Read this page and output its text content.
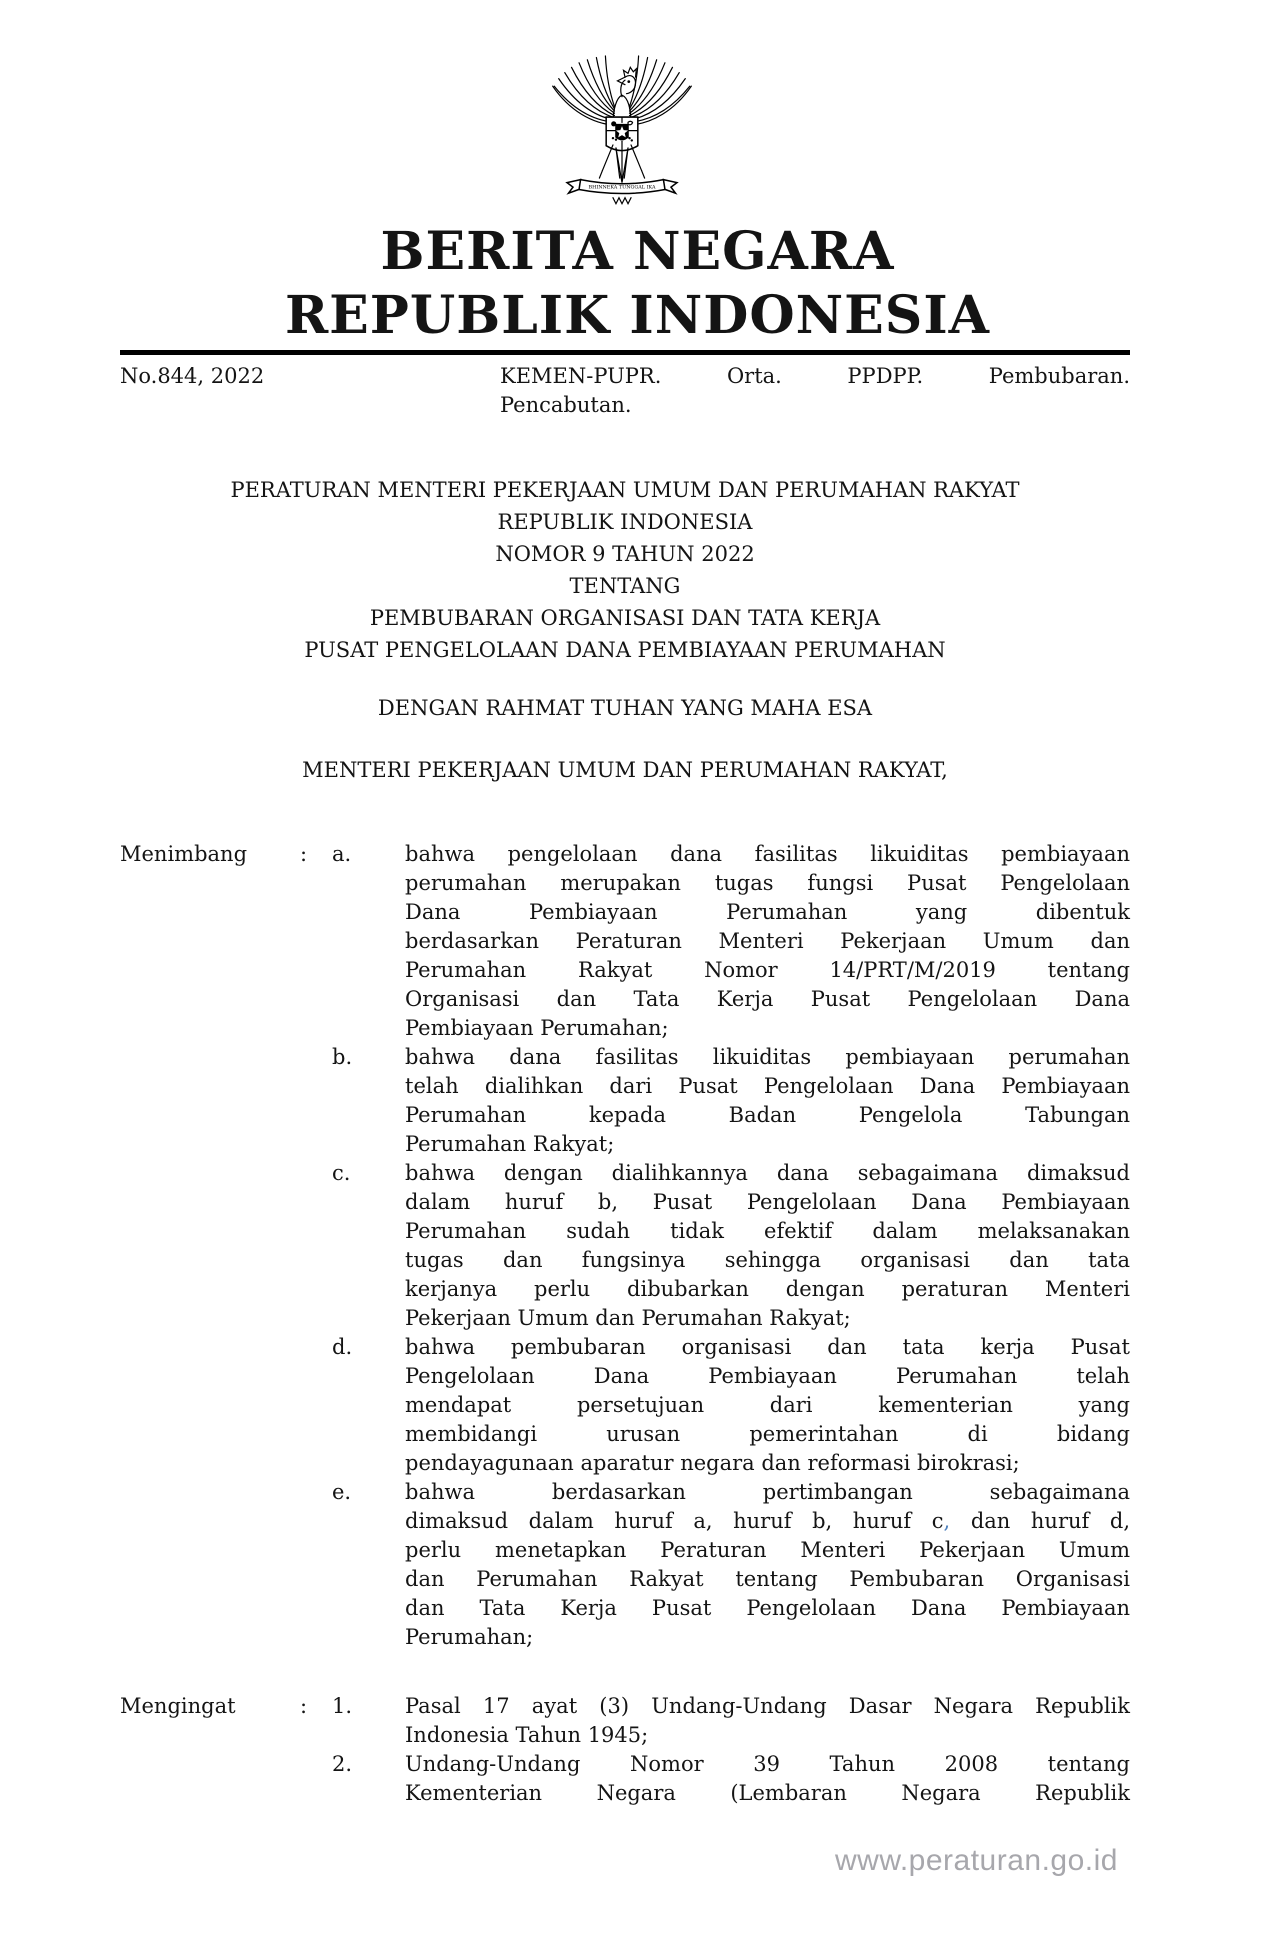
BHINNEKA TUNGGAL IKA
BERITA NEGARA
REPUBLIK INDONESIA
No.844, 2022	KEMEN-PUPR. Orta. PPDPP. Pembubaran.
Pencabutan.
PERATURAN MENTERI PEKERJAAN UMUM DAN PERUMAHAN RAKYAT
REPUBLIK INDONESIA
NOMOR 9 TAHUN 2022
TENTANG
PEMBUBARAN ORGANISASI DAN TATA KERJA
PUSAT PENGELOLAAN DANA PEMBIAYAAN PERUMAHAN
DENGAN RAHMAT TUHAN YANG MAHA ESA
MENTERI PEKERJAAN UMUM DAN PERUMAHAN RAKYAT,
Menimbang	: a.	bahwa pengelolaan dana fasilitas likuiditas pembiayaan
perumahan merupakan tugas fungsi Pusat Pengelolaan
Dana Pembiayaan Perumahan yang dibentuk
berdasarkan Peraturan Menteri Pekerjaan Umum dan
Perumahan Rakyat Nomor 14/PRT/M/2019 tentang
Organisasi dan Tata Kerja Pusat Pengelolaan Dana
Pembiayaan Perumahan;
b.	bahwa dana fasilitas likuiditas pembiayaan perumahan
telah dialihkan dari Pusat Pengelolaan Dana Pembiayaan
Perumahan kepada Badan Pengelola Tabungan
Perumahan Rakyat;
c.	bahwa dengan dialihkannya dana sebagaimana dimaksud
dalam huruf b, Pusat Pengelolaan Dana Pembiayaan
Perumahan sudah tidak efektif dalam melaksanakan
tugas dan fungsinya sehingga organisasi dan tata
kerjanya perlu dibubarkan dengan peraturan Menteri
Pekerjaan Umum dan Perumahan Rakyat;
d.	bahwa pembubaran organisasi dan tata kerja Pusat
Pengelolaan Dana Pembiayaan Perumahan telah
mendapat persetujuan dari kementerian yang
membidangi urusan pemerintahan di bidang
pendayagunaan aparatur negara dan reformasi birokrasi;
e.	bahwa berdasarkan pertimbangan sebagaimana
dimaksud dalam huruf a, huruf b, huruf c, dan huruf d,
perlu menetapkan Peraturan Menteri Pekerjaan Umum
dan Perumahan Rakyat tentang Pembubaran Organisasi
dan Tata Kerja Pusat Pengelolaan Dana Pembiayaan
Perumahan;
Mengingat	: 1.	Pasal 17 ayat (3) Undang-Undang Dasar Negara Republik
Indonesia Tahun 1945;
2.	Undang-Undang Nomor 39 Tahun 2008 tentang
Kementerian Negara (Lembaran Negara Republik
www.peraturan.go.id
